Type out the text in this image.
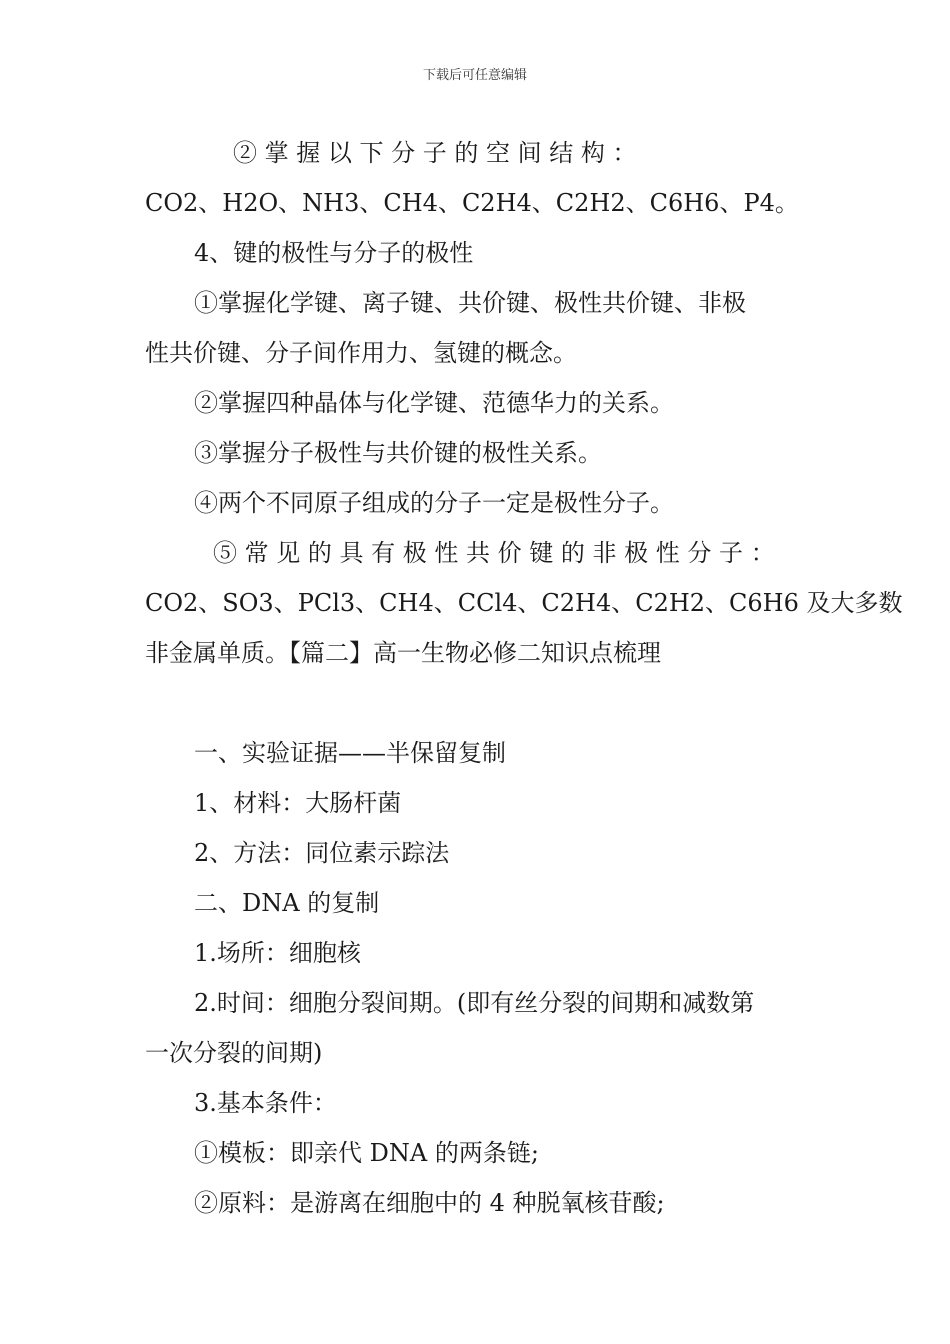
下载后可任意编辑

② 掌 握 以 下 分 子 的 空 间 结 构 ：

CO2、H2O、NH3、CH4、C2H4、C2H2、C6H6、P4。

4、键的极性与分子的极性

①掌握化学键、离子键、共价键、极性共价键、非极

性共价键、分子间作用力、氢键的概念。

②掌握四种晶体与化学键、范德华力的关系。

③掌握分子极性与共价键的极性关系。

④两个不同原子组成的分子一定是极性分子。

⑤ 常 见 的 具 有 极 性 共 价 键 的 非 极 性 分 子 ：

CO2、SO3、PCl3、CH4、CCl4、C2H4、C2H2、C6H6 及大多数

非金属单质。【篇二】高一生物必修二知识点梳理

一、实验证据——半保留复制

1、材料：大肠杆菌

2、方法：同位素示踪法

二、DNA 的复制

1.场所：细胞核

2.时间：细胞分裂间期。(即有丝分裂的间期和减数第

一次分裂的间期)

3.基本条件：

①模板：即亲代 DNA 的两条链;

②原料：是游离在细胞中的 4 种脱氧核苷酸;
